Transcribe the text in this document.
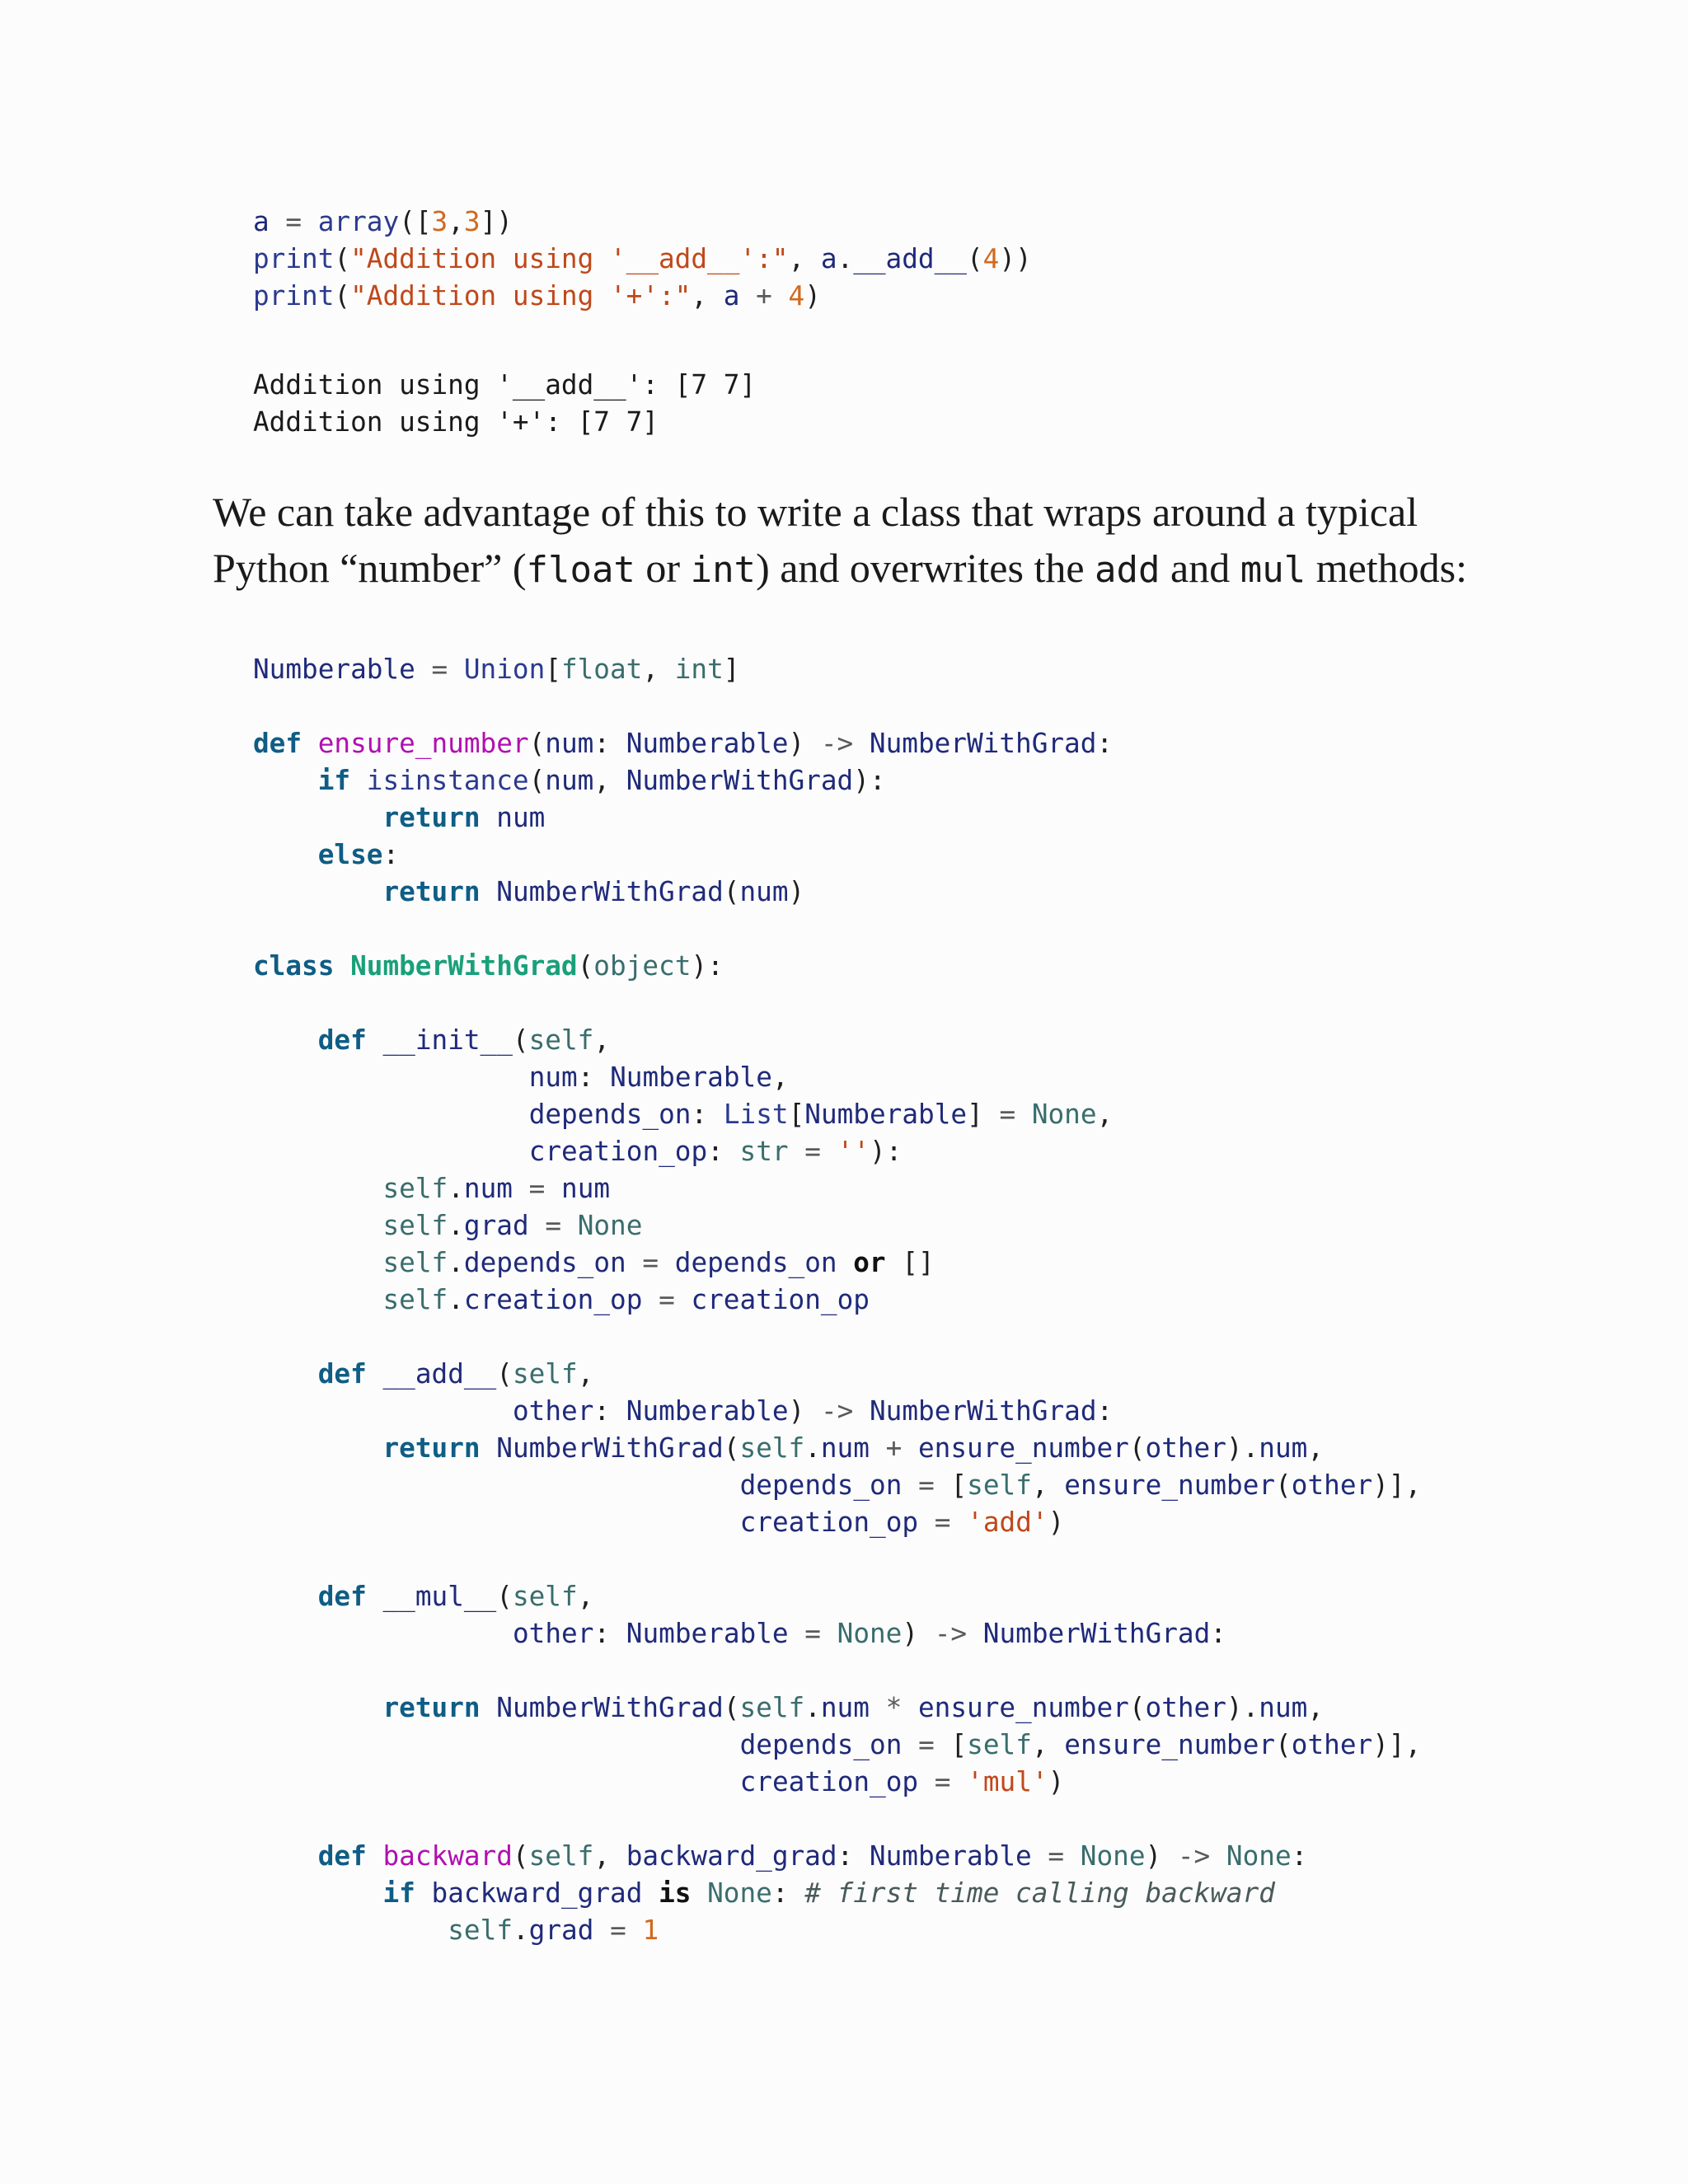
a = array([3,3])
print("Addition using '__add__':", a.__add__(4))
print("Addition using '+':", a + 4)
Addition using '__add__': [7 7]
Addition using '+': [7 7]

We can take advantage of this to write a class that wraps around a typical Python “number” (float or int) and overwrites the add and mul methods:

Numberable = Union[float, int]
def ensure_number(num: Numberable) -> NumberWithGrad:
if isinstance(num, NumberWithGrad):
return num
else:
return NumberWithGrad(num)
class NumberWithGrad(object):
def __init__(self,
num: Numberable,
depends_on: List[Numberable] = None,
creation_op: str = ''):
self.num = num
self.grad = None
self.depends_on = depends_on or []
self.creation_op = creation_op
def __add__(self,
other: Numberable) -> NumberWithGrad:
return NumberWithGrad(self.num + ensure_number(other).num,
depends_on = [self, ensure_number(other)],
creation_op = 'add')
def __mul__(self,
other: Numberable = None) -> NumberWithGrad:
return NumberWithGrad(self.num * ensure_number(other).num,
depends_on = [self, ensure_number(other)],
creation_op = 'mul')
def backward(self, backward_grad: Numberable = None) -> None:
if backward_grad is None: # first time calling backward
self.grad = 1
